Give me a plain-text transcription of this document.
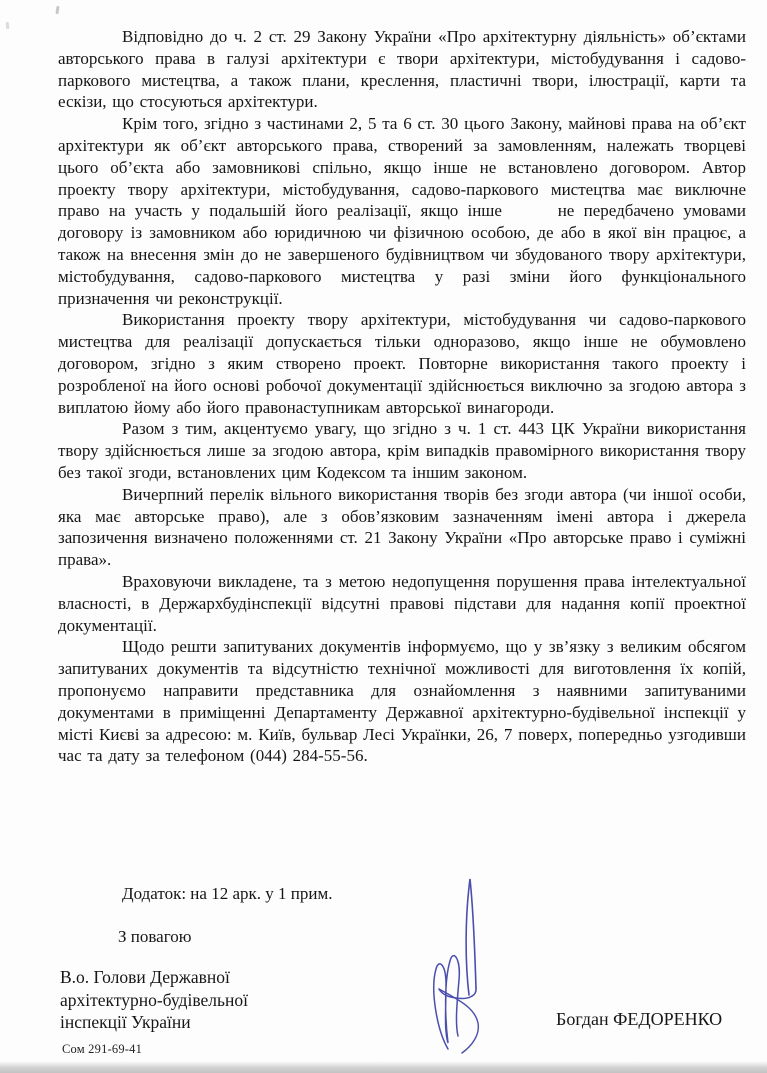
Відповідно до ч. 2 ст. 29 Закону України «Про архітектурну діяльність» об’єктами авторського права в галузі архітектури є твори архітектури, містобудування і садово-паркового мистецтва, а також плани, креслення, пластичні твори, ілюстрації, карти та ескізи, що стосуються архітектури.

Крім того, згідно з частинами 2, 5 та 6 ст. 30 цього Закону, майнові права на об’єкт архітектури як об’єкт авторського права, створений за замовленням, належать творцеві цього об’єкта або замовникові спільно, якщо інше не встановлено договором. Автор проекту твору архітектури, містобудування, садово-паркового мистецтва має виключне право на участь у подальшій його реалізації, якщо інше      не передбачено умовами договору із замовником або юридичною чи фізичною особою, де або в якої він працює, а також на внесення змін до не завершеного будівництвом чи збудованого твору архітектури, містобудування, садово-паркового мистецтва у разі зміни його функціонального призначення чи реконструкції.

Використання проекту твору архітектури, містобудування чи садово-паркового мистецтва для реалізації допускається тільки одноразово, якщо інше не обумовлено договором, згідно з яким створено проект. Повторне використання такого проекту і розробленої на його основі робочої документації здійснюється виключно за згодою автора з виплатою йому або його правонаступникам авторської винагороди.

Разом з тим, акцентуємо увагу, що згідно з ч. 1 ст. 443 ЦК України використання твору здійснюється лише за згодою автора, крім випадків правомірного використання твору без такої згоди, встановлених цим Кодексом та іншим законом.

Вичерпний перелік вільного використання творів без згоди автора (чи іншої особи, яка має авторське право), але з обов’язковим зазначенням імені автора і джерела запозичення визначено положеннями ст. 21 Закону України «Про авторське право і суміжні права».

Враховуючи викладене, та з метою недопущення порушення права інтелектуальної власності, в Держархбудінспекції відсутні правові підстави для надання копії проектної документації.

Щодо решти запитуваних документів інформуємо, що у зв’язку з великим обсягом запитуваних документів та відсутністю технічної можливості для виготовлення їх копій, пропонуємо направити представника для ознайомлення з наявними запитуваними документами в приміщенні Департаменту Державної архітектурно-будівельної інспекції у місті Києві за адресою: м. Київ, бульвар Лесі Українки, 26, 7 поверх, попередньо узгодивши час та дату за телефоном (044) 284-55-56.

Додаток: на 12 арк. у 1 прим.
З повагою
В.о. Голови Державної
архітектурно-будівельної
інспекції України	Богдан ФЕДОРЕНКО
Сом 291-69-41
